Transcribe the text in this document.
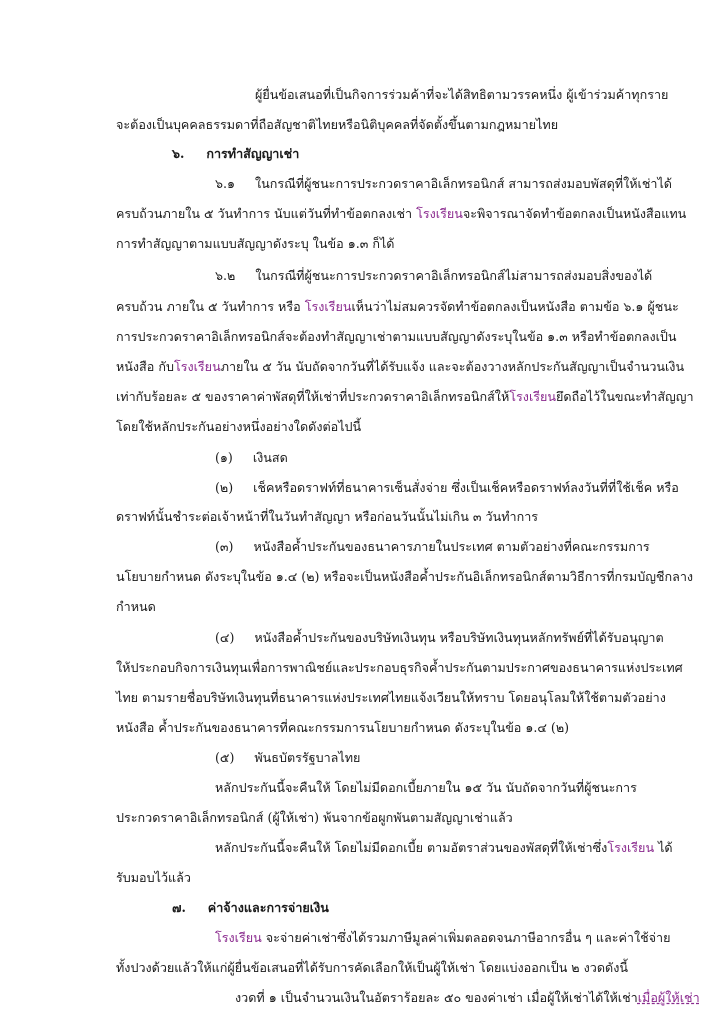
ผู้ยื่นข้อเสนอที่เป็นกิจการร่วมค้าที่จะได้สิทธิตามวรรคหนึ่ง ผู้เข้าร่วมค้าทุกราย
จะต้องเป็นบุคคลธรรมดาที่ถือสัญชาติไทยหรือนิติบุคคลที่จัดตั้งขึ้นตามกฎหมายไทย
๖.     การทำสัญญาเช่า
๖.๑     ในกรณีที่ผู้ชนะการประกวดราคาอิเล็กทรอนิกส์ สามารถส่งมอบพัสดุที่ให้เช่าได้
ครบถ้วนภายใน ๕ วันทำการ นับแต่วันที่ทำข้อตกลงเช่า โรงเรียนจะพิจารณาจัดทำข้อตกลงเป็นหนังสือแทน
การทำสัญญาตามแบบสัญญาดังระบุ ในข้อ ๑.๓ ก็ได้
๖.๒     ในกรณีที่ผู้ชนะการประกวดราคาอิเล็กทรอนิกส์ไม่สามารถส่งมอบสิ่งของได้
ครบถ้วน ภายใน ๕ วันทำการ หรือ โรงเรียนเห็นว่าไม่สมควรจัดทำข้อตกลงเป็นหนังสือ ตามข้อ ๖.๑ ผู้ชนะ
การประกวดราคาอิเล็กทรอนิกส์จะต้องทำสัญญาเช่าตามแบบสัญญาดังระบุในข้อ ๑.๓ หรือทำข้อตกลงเป็น
หนังสือ กับโรงเรียนภายใน ๕ วัน นับถัดจากวันที่ได้รับแจ้ง และจะต้องวางหลักประกันสัญญาเป็นจำนวนเงิน
เท่ากับร้อยละ ๕ ของราคาค่าพัสดุที่ให้เช่าที่ประกวดราคาอิเล็กทรอนิกส์ให้โรงเรียนยึดถือไว้ในขณะทำสัญญา
โดยใช้หลักประกันอย่างหนึ่งอย่างใดดังต่อไปนี้
(๑)     เงินสด
(๒)     เช็คหรือดราฟท์ที่ธนาคารเซ็นสั่งจ่าย ซึ่งเป็นเช็คหรือดราฟท์ลงวันที่ที่ใช้เช็ค หรือ
ดราฟท์นั้นชำระต่อเจ้าหน้าที่ในวันทำสัญญา หรือก่อนวันนั้นไม่เกิน ๓ วันทำการ
(๓)     หนังสือค้ำประกันของธนาคารภายในประเทศ ตามตัวอย่างที่คณะกรรมการ
นโยบายกำหนด ดังระบุในข้อ ๑.๔ (๒) หรือจะเป็นหนังสือค้ำประกันอิเล็กทรอนิกส์ตามวิธีการที่กรมบัญชีกลาง
กำหนด
(๔)     หนังสือค้ำประกันของบริษัทเงินทุน หรือบริษัทเงินทุนหลักทรัพย์ที่ได้รับอนุญาต
ให้ประกอบกิจการเงินทุนเพื่อการพาณิชย์และประกอบธุรกิจค้ำประกันตามประกาศของธนาคารแห่งประเทศ
ไทย ตามรายชื่อบริษัทเงินทุนที่ธนาคารแห่งประเทศไทยแจ้งเวียนให้ทราบ โดยอนุโลมให้ใช้ตามตัวอย่าง
หนังสือ ค้ำประกันของธนาคารที่คณะกรรมการนโยบายกำหนด ดังระบุในข้อ ๑.๔ (๒)
(๕)     พันธบัตรรัฐบาลไทย
หลักประกันนี้จะคืนให้ โดยไม่มีดอกเบี้ยภายใน ๑๕ วัน นับถัดจากวันที่ผู้ชนะการ
ประกวดราคาอิเล็กทรอนิกส์ (ผู้ให้เช่า) พ้นจากข้อผูกพันตามสัญญาเช่าแล้ว
หลักประกันนี้จะคืนให้ โดยไม่มีดอกเบี้ย ตามอัตราส่วนของพัสดุที่ให้เช่าซึ่งโรงเรียน ได้
รับมอบไว้แล้ว
๗.     ค่าจ้างและการจ่ายเงิน
โรงเรียน จะจ่ายค่าเช่าซึ่งได้รวมภาษีมูลค่าเพิ่มตลอดจนภาษีอากรอื่น ๆ และค่าใช้จ่าย
ทั้งปวงด้วยแล้วให้แก่ผู้ยื่นข้อเสนอที่ได้รับการคัดเลือกให้เป็นผู้ให้เช่า โดยแบ่งออกเป็น ๒ งวดดังนี้
งวดที่ ๑ เป็นจำนวนเงินในอัตราร้อยละ ๕๐ ของค่าเช่า เมื่อผู้ให้เช่าได้ให้เช่าเมื่อผู้ให้เช่า
